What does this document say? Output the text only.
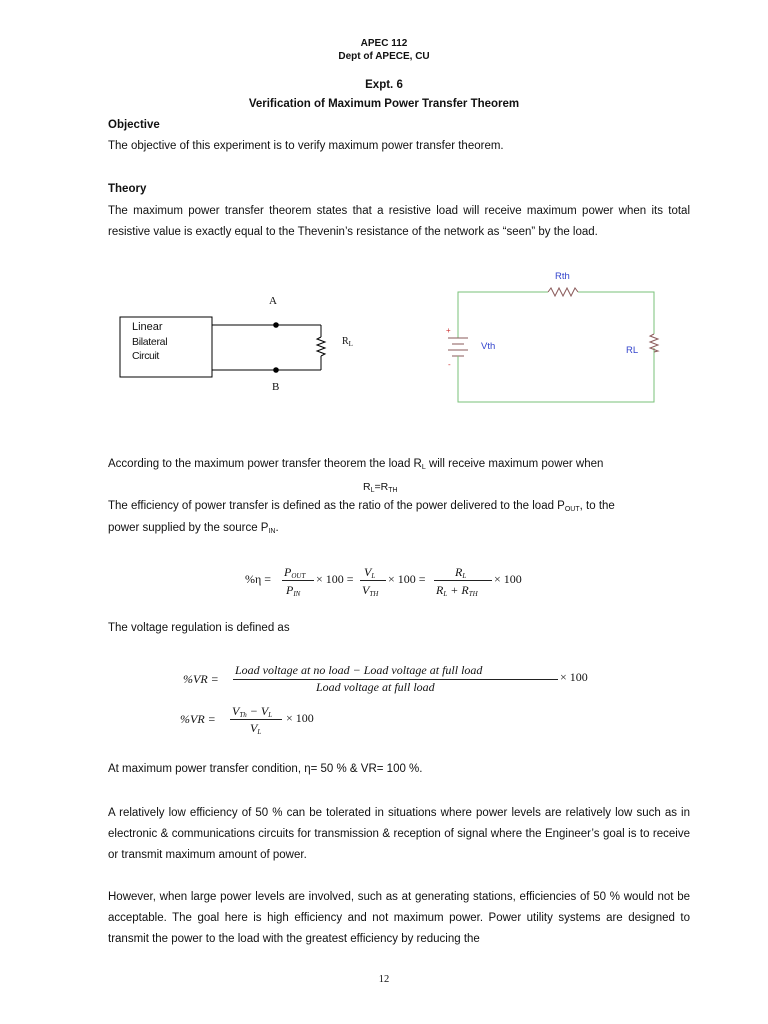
APEC 112
Dept of APECE, CU
Expt. 6
Verification of Maximum Power Transfer Theorem
Objective
The objective of this experiment is to verify maximum power transfer theorem.
Theory
The maximum power transfer theorem states that a resistive load will receive maximum power when its total resistive value is exactly equal to the Thevenin’s resistance of the network as “seen” by the load.
A
B
Linear
Bilateral
Circuit
$R_L$
Rth
Vth	RL
+
-
According to the maximum power transfer theorem the load $R_L$ will receive maximum power when
$R_L=R_{TH}$
The efficiency of power transfer is defined as the ratio of the power delivered to the load $P_{OUT}$, to the
power supplied by the source $P_{IN}$.
$\%\eta = P_{OUT}$
$P_{IN}$
× $100 = V_L$
$V_{TH}$
× $100 = R_L$
$R_L + R_{TH}$
× 100
The voltage regulation is defined as
%VR =
Load voltage at no load − Load voltage at full load
Load voltage at full load
× 100
%VR =
$V_{Th} - V_L$
$V_L$
× 100
At maximum power transfer condition, η= 50 % & VR= 100 %.
A relatively low efficiency of 50 % can be tolerated in situations where power levels are relatively low such as in electronic & communications circuits for transmission & reception of signal where the Engineer’s goal is to receive or transmit maximum amount of power.
However, when large power levels are involved, such as at generating stations, efficiencies of 50 % would not be acceptable. The goal here is high efficiency and not maximum power. Power utility systems are designed to transmit the power to the load with the greatest efficiency by reducing the
12
